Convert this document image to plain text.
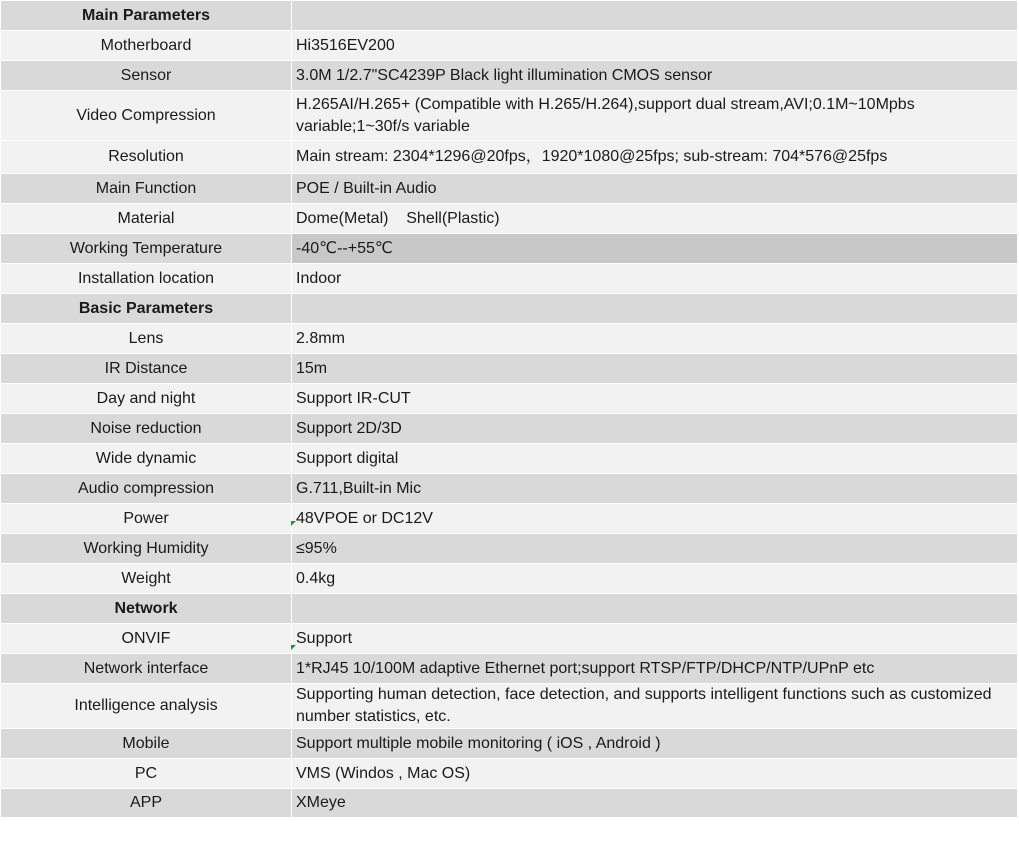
Main Parameters	
Motherboard	Hi3516EV200
Sensor	3.0M 1/2.7"SC4239P Black light illumination CMOS sensor
Video Compression	H.265AI/H.265+ (Compatible with H.265/H.264),support dual stream,AVI;0.1M~10Mpbs variable;1~30f/s variable
Resolution	Main stream: 2304*1296@20fps，1920*1080@25fps; sub-stream: 704*576@25fps
Main Function	POE / Built-in Audio
Material	Dome(Metal)    Shell(Plastic)
Working Temperature	-40℃--+55℃
Installation location	Indoor
Basic Parameters	
Lens	2.8mm
IR Distance	15m
Day and night	Support IR-CUT
Noise reduction	Support 2D/3D
Wide dynamic	Support digital
Audio compression	G.711,Built-in Mic
Power	48VPOE or DC12V
Working Humidity	≤95%
Weight	0.4kg
Network	
ONVIF	Support
Network interface	1*RJ45 10/100M adaptive Ethernet port;support RTSP/FTP/DHCP/NTP/UPnP etc
Intelligence analysis	Supporting human detection, face detection, and supports intelligent functions such as customized number statistics, etc.
Mobile	Support multiple mobile monitoring ( iOS , Android )
PC	VMS (Windos , Mac OS)
APP	XMeye
